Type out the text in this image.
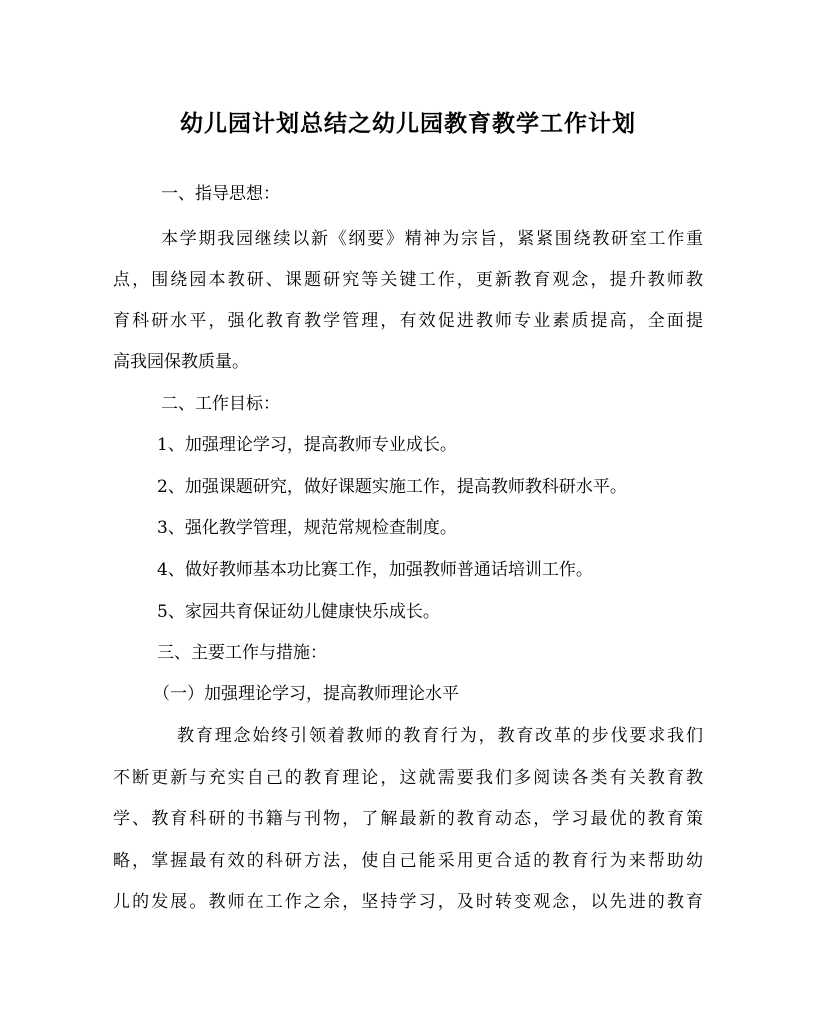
幼儿园计划总结之幼儿园教育教学工作计划

一、指导思想：

本学期我园继续以新《纲要》精神为宗旨，紧紧围绕教研室工作重

点，围绕园本教研、课题研究等关键工作，更新教育观念，提升教师教

育科研水平，强化教育教学管理，有效促进教师专业素质提高，全面提

高我园保教质量。

二、工作目标：

1、加强理论学习，提高教师专业成长。

2、加强课题研究，做好课题实施工作，提高教师教科研水平。

3、强化教学管理，规范常规检查制度。

4、做好教师基本功比赛工作，加强教师普通话培训工作。

5、家园共育保证幼儿健康快乐成长。

三、主要工作与措施：

（一）加强理论学习，提高教师理论水平

教育理念始终引领着教师的教育行为，教育改革的步伐要求我们

不断更新与充实自己的教育理论，这就需要我们多阅读各类有关教育教

学、教育科研的书籍与刊物，了解最新的教育动态，学习最优的教育策

略，掌握最有效的科研方法，使自己能采用更合适的教育行为来帮助幼

儿的发展。教师在工作之余，坚持学习，及时转变观念，以先进的教育
